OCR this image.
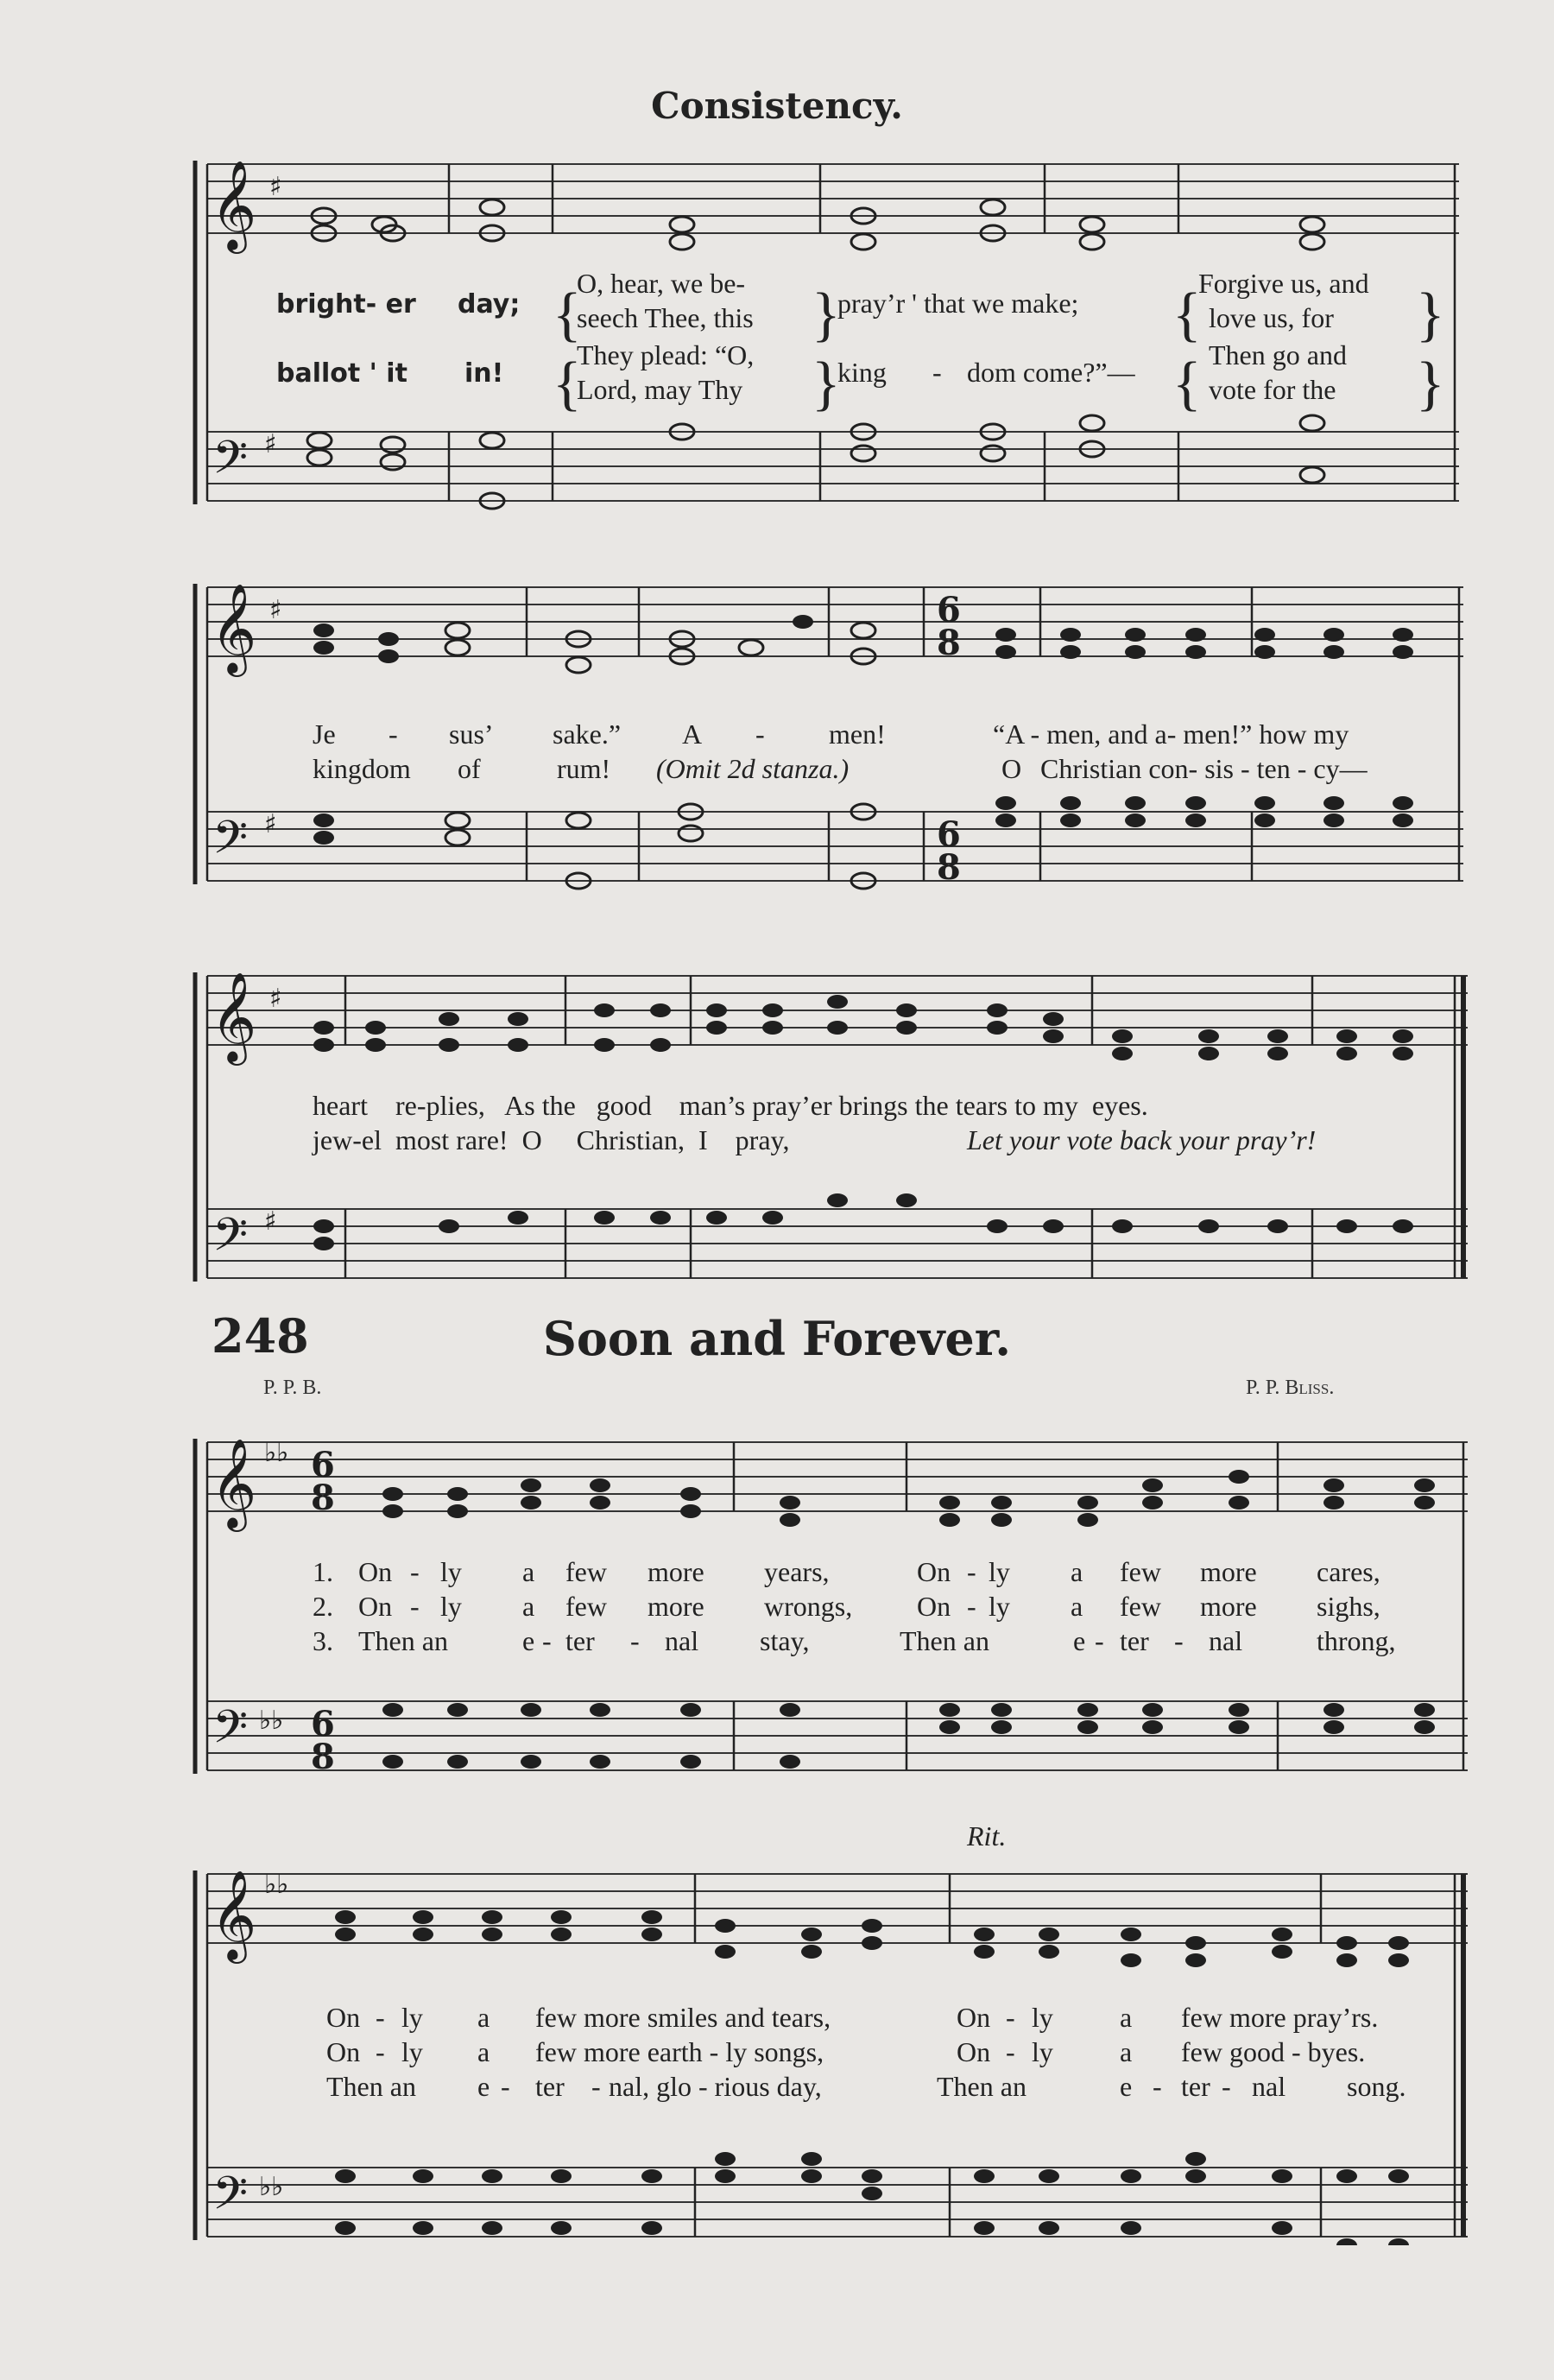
Consistency.
𝄞
𝄢
♯
♯
bright- er day;
ballot ' it in!
{
O, hear, we be-
seech Thee, this
{
They plead: “O,
Lord, may Thy
}
}
pray’r ' that we make;
king - dom come?”—
{
Forgive us, and
love us, for
{ Then go and
vote for the
}
}
𝄞
𝄢
♯
♯
6
8
6
8
Je - sus’ sake.” A - men!	“A - men, and a- men!” how my
kingdom of	rum! (Omit 2d stanza.)	O Christian con- sis - ten - cy—
𝄞
𝄢
♯
♯
heart    re-plies,   As the   good    man’s pray’er brings the tears to my  eyes.
jew-el  most rare!  O     Christian,  I    pray,	Let your vote back your pray’r!
248	Soon and Forever.
P. P. B.	P. P. Bliss.
𝄞
𝄢
♭♭
♭♭
6
8
6
8
1. On - ly a few more years,	On - ly a few more cares,
2. On - ly a few more wrongs, On - ly a few more sighs,
3. Then an	e - ter - nal stay,	Then an	e - ter - nal	throng,
Rit.
𝄞
𝄢
♭♭
♭♭
On - ly a few more smiles and tears,	On - ly a few more pray’rs.
On - ly a few more earth - ly songs,	On - ly a few good - byes.
Then an e - ter - nal, glo - rious day,	Then an	e - ter - nal song.
